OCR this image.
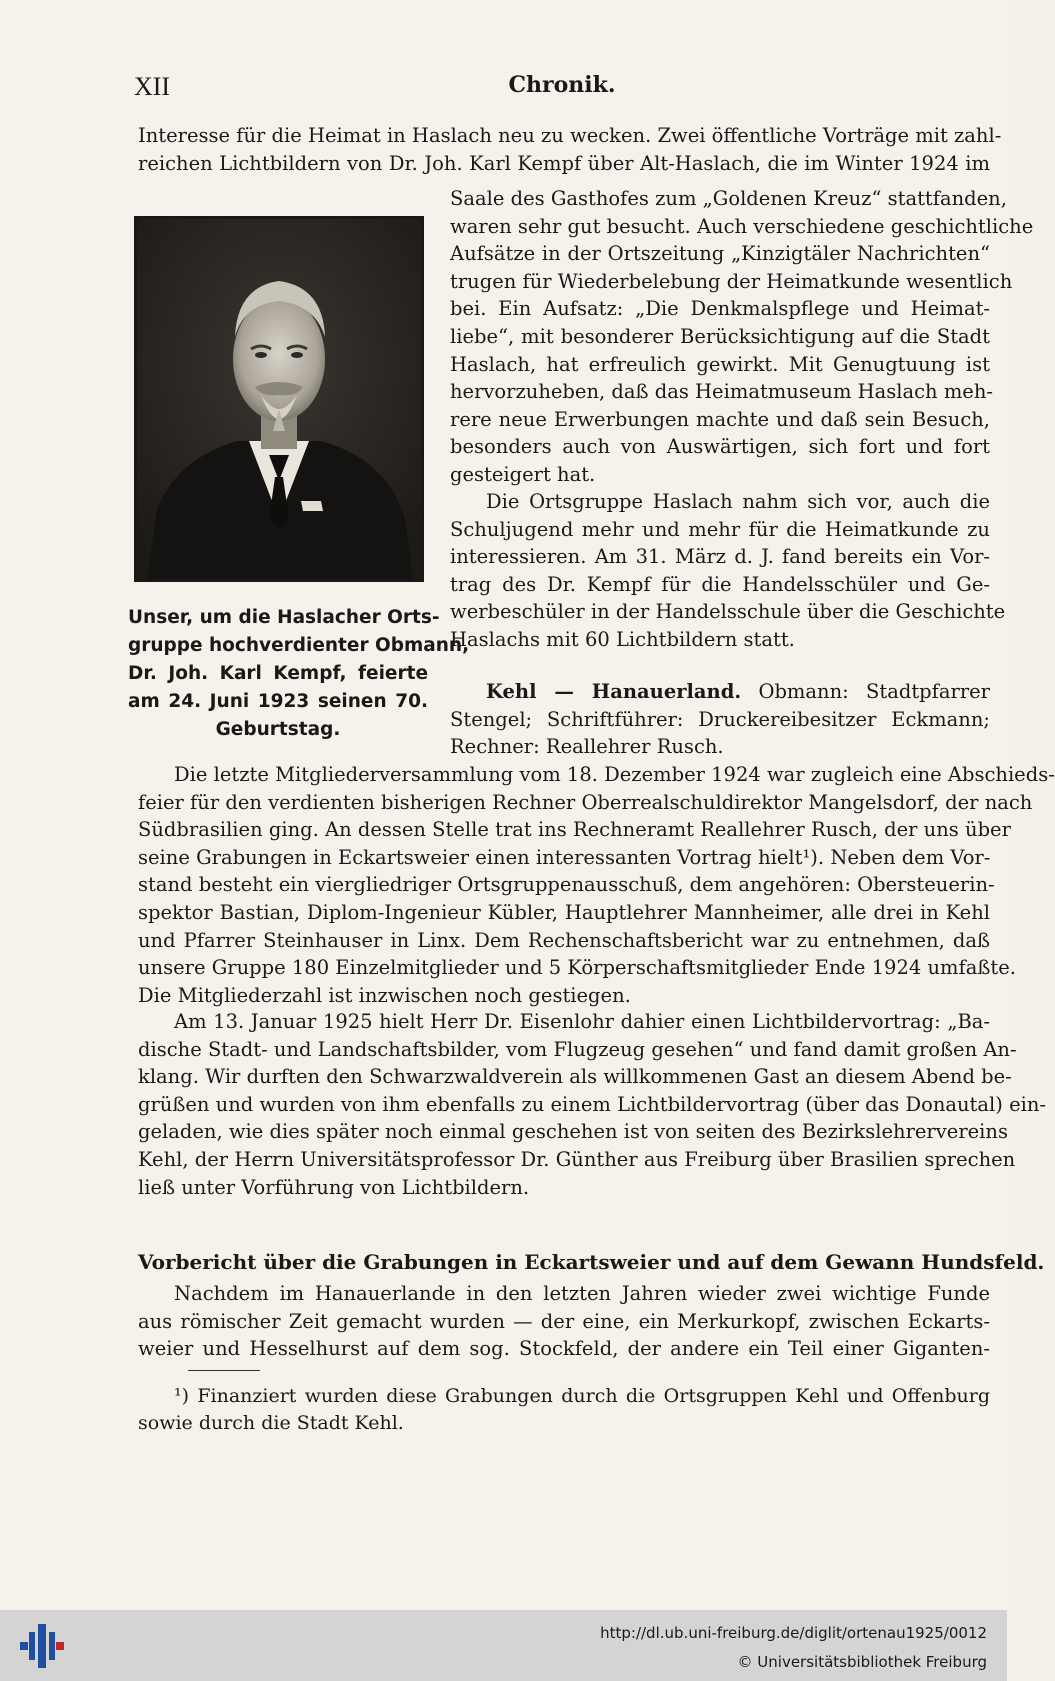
XII	Chronik.
Interesse für die Heimat in Haslach neu zu wecken. Zwei öffentliche Vorträge mit zahl-
reichen Lichtbildern von Dr. Joh. Karl Kempf über Alt-Haslach, die im Winter 1924 im
Unser, um die Haslacher Orts-
gruppe hochverdienter Obmann,
Dr. Joh. Karl Kempf, feierte
am 24. Juni 1923 seinen 70.
Geburtstag.
Saale des Gasthofes zum „Goldenen Kreuz“ stattfanden,
waren sehr gut besucht. Auch verschiedene geschichtliche
Aufsätze in der Ortszeitung „Kinzigtäler Nachrichten“
trugen für Wiederbelebung der Heimatkunde wesentlich
bei. Ein Aufsatz: „Die Denkmalspflege und Heimat-
liebe“, mit besonderer Berücksichtigung auf die Stadt
Haslach, hat erfreulich gewirkt. Mit Genugtuung ist
hervorzuheben, daß das Heimatmuseum Haslach meh-
rere neue Erwerbungen machte und daß sein Besuch,
besonders auch von Auswärtigen, sich fort und fort
gesteigert hat.
Die Ortsgruppe Haslach nahm sich vor, auch die
Schuljugend mehr und mehr für die Heimatkunde zu
interessieren. Am 31. März d. J. fand bereits ein Vor-
trag des Dr. Kempf für die Handelsschüler und Ge-
werbeschüler in der Handelsschule über die Geschichte
Haslachs mit 60 Lichtbildern statt.
Kehl — Hanauerland. Obmann: Stadtpfarrer
Stengel; Schriftführer: Druckereibesitzer Eckmann;
Rechner: Reallehrer Rusch.
Die letzte Mitgliederversammlung vom 18. Dezember 1924 war zugleich eine Abschieds-
feier für den verdienten bisherigen Rechner Oberrealschuldirektor Mangelsdorf, der nach
Südbrasilien ging. An dessen Stelle trat ins Rechneramt Reallehrer Rusch, der uns über
seine Grabungen in Eckartsweier einen interessanten Vortrag hielt¹). Neben dem Vor-
stand besteht ein viergliedriger Ortsgruppenausschuß, dem angehören: Obersteuerin-
spektor Bastian, Diplom-Ingenieur Kübler, Hauptlehrer Mannheimer, alle drei in Kehl
und Pfarrer Steinhauser in Linx. Dem Rechenschaftsbericht war zu entnehmen, daß
unsere Gruppe 180 Einzelmitglieder und 5 Körperschaftsmitglieder Ende 1924 umfaßte.
Die Mitgliederzahl ist inzwischen noch gestiegen.
Am 13. Januar 1925 hielt Herr Dr. Eisenlohr dahier einen Lichtbildervortrag: „Ba-
dische Stadt- und Landschaftsbilder, vom Flugzeug gesehen“ und fand damit großen An-
klang. Wir durften den Schwarzwaldverein als willkommenen Gast an diesem Abend be-
grüßen und wurden von ihm ebenfalls zu einem Lichtbildervortrag (über das Donautal) ein-
geladen, wie dies später noch einmal geschehen ist von seiten des Bezirkslehrervereins
Kehl, der Herrn Universitätsprofessor Dr. Günther aus Freiburg über Brasilien sprechen
ließ unter Vorführung von Lichtbildern.
Vorbericht über die Grabungen in Eckartsweier und auf dem Gewann Hundsfeld.
Nachdem im Hanauerlande in den letzten Jahren wieder zwei wichtige Funde
aus römischer Zeit gemacht wurden — der eine, ein Merkurkopf, zwischen Eckarts-
weier und Hesselhurst auf dem sog. Stockfeld, der andere ein Teil einer Giganten-
¹) Finanziert wurden diese Grabungen durch die Ortsgruppen Kehl und Offenburg
sowie durch die Stadt Kehl.
http://dl.ub.uni-freiburg.de/diglit/ortenau1925/0012
© Universitätsbibliothek Freiburg
